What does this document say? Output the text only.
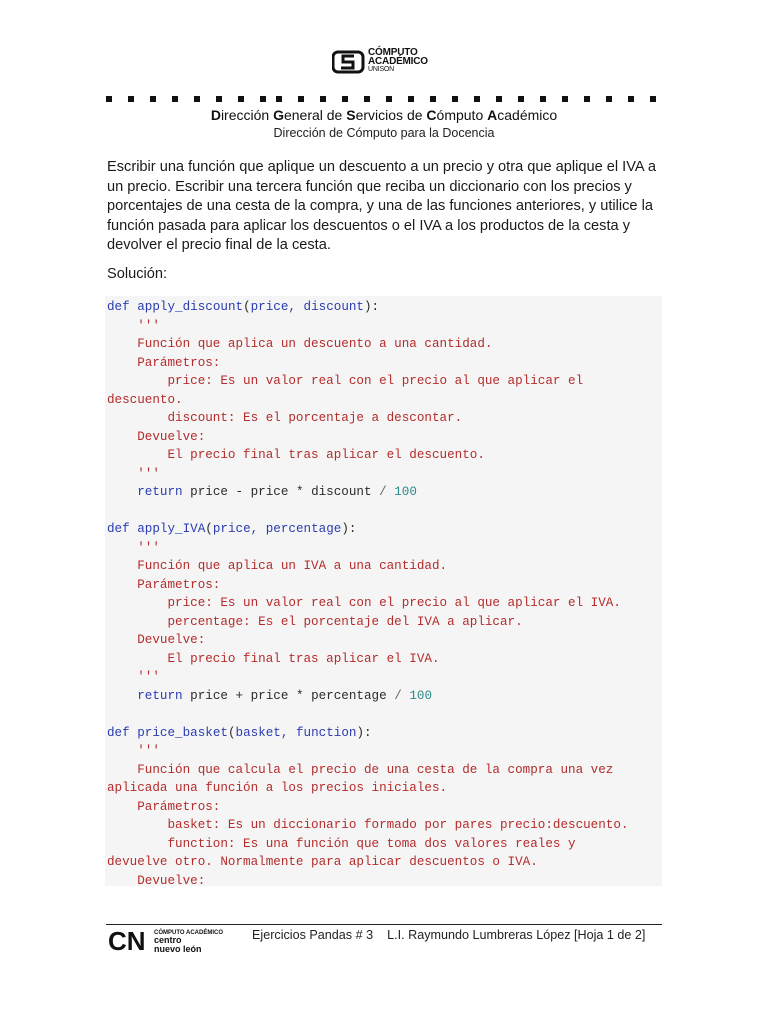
CÓMPUTO
ACADÉMICO
UNISON
Dirección General de Servicios de Cómputo Académico
Dirección de Cómputo para la Docencia

Escribir una función que aplique un descuento a un precio y otra que aplique el IVA a un precio. Escribir una tercera función que reciba un diccionario con los precios y porcentajes de una cesta de la compra, y una de las funciones anteriores, y utilice la función pasada para aplicar los descuentos o el IVA a los productos de la cesta y devolver el precio final de la cesta.

Solución:
def apply_discount(price, discount):
'''
Función que aplica un descuento a una cantidad.
Parámetros:
price: Es un valor real con el precio al que aplicar el
descuento.
discount: Es el porcentaje a descontar.
Devuelve:
El precio final tras aplicar el descuento.
'''
return price - price * discount / 100

def apply_IVA(price, percentage):
'''
Función que aplica un IVA a una cantidad.
Parámetros:
price: Es un valor real con el precio al que aplicar el IVA.
percentage: Es el porcentaje del IVA a aplicar.
Devuelve:
El precio final tras aplicar el IVA.
'''
return price + price * percentage / 100

def price_basket(basket, function):
'''
Función que calcula el precio de una cesta de la compra una vez
aplicada una función a los precios iniciales.
Parámetros:
basket: Es un diccionario formado por pares precio:descuento.
function: Es una función que toma dos valores reales y
devuelve otro. Normalmente para aplicar descuentos o IVA.
Devuelve:
CN CÓMPUTO ACADÉMICO
centro
nuevo león
Ejercicios Pandas # 3    L.I. Raymundo Lumbreras López [Hoja 1 de 2]
